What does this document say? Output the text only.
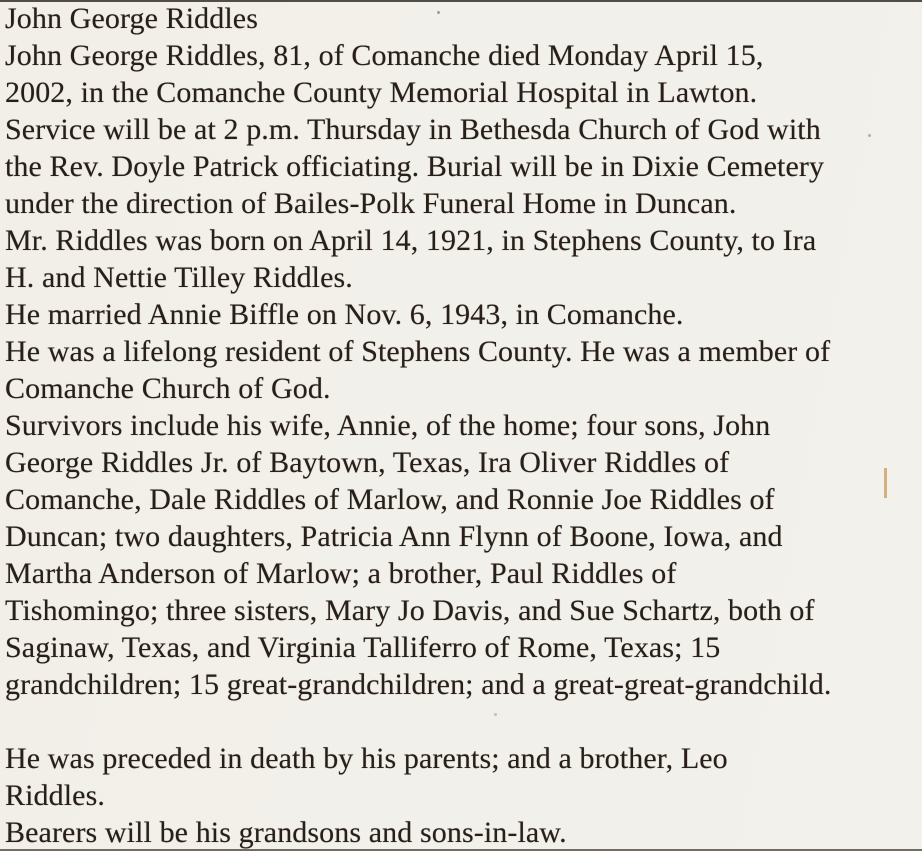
John George Riddles
John George Riddles, 81, of Comanche died Monday April 15,
2002, in the Comanche County Memorial Hospital in Lawton.
Service will be at 2 p.m. Thursday in Bethesda Church of God with
the Rev. Doyle Patrick officiating. Burial will be in Dixie Cemetery
under the direction of Bailes-Polk Funeral Home in Duncan.
Mr. Riddles was born on April 14, 1921, in Stephens County, to Ira
H. and Nettie Tilley Riddles.
He married Annie Biffle on Nov. 6, 1943, in Comanche.
He was a lifelong resident of Stephens County. He was a member of
Comanche Church of God.
Survivors include his wife, Annie, of the home; four sons, John
George Riddles Jr. of Baytown, Texas, Ira Oliver Riddles of
Comanche, Dale Riddles of Marlow, and Ronnie Joe Riddles of
Duncan; two daughters, Patricia Ann Flynn of Boone, Iowa, and
Martha Anderson of Marlow; a brother, Paul Riddles of
Tishomingo; three sisters, Mary Jo Davis, and Sue Schartz, both of
Saginaw, Texas, and Virginia Talliferro of Rome, Texas; 15
grandchildren; 15 great-grandchildren; and a great-great-grandchild.
He was preceded in death by his parents; and a brother, Leo
Riddles.
Bearers will be his grandsons and sons-in-law.
